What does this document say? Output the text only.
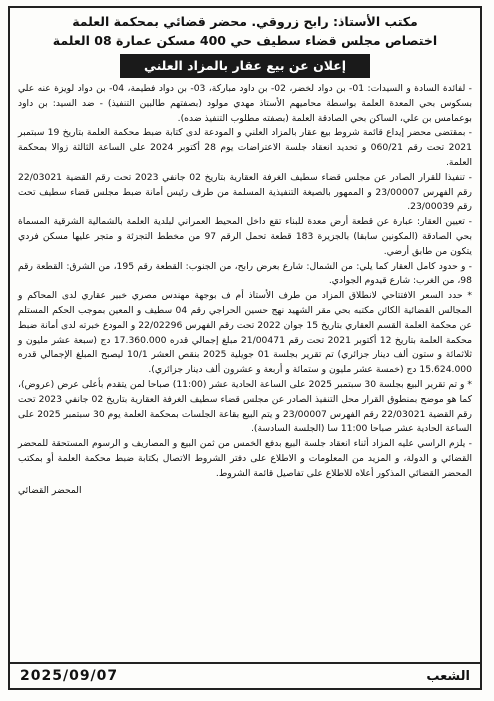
مكتب الأستاذ: رابح زروقي. محضر قضائي بمحكمة العلمة
اختصاص مجلس قضاء سطيف حي 400 مسكن عمارة 08 العلمة
إعلان عن بيع عقار بالمزاد العلني

- لفائدة السادة و السيدات: 01- بن دواد لخضر، 02- بن داود مباركة، 03- بن دواد فطيمة، 04- بن دواد لويزة عنه علي بسكوس بحي المعدة العلمة بواسطة محاميهم الأستاذ مهدي مولود (بصفتهم طالبين التنفيذ) - ضد السيد: بن داود بوعمامس بن علي، الساكن بحي الصادقة العلمة (بصفته مطلوب التنفيذ ضده).

- بمقتضى محضر إيداع قائمة شروط بيع عقار بالمزاد العلني و المودعة لدى كتابة ضبط محكمة العلمة بتاريخ 19 سبتمبر 2021 تحت رقم 060/21 و تحديد انعقاد جلسة الاعتراضات يوم 28 أكتوبر 2024 على الساعة الثالثة زوالا بمحكمة العلمة.

- تنفيذا للقرار الصادر عن مجلس قضاء سطيف الغرفة العقارية بتاريخ 02 جانفي 2023 تحت رقم القضية 22/03021 رقم الفهرس 23/00007 و الممهور بالصيغة التنفيذية المسلمة من طرف رئيس أمانة ضبط مجلس قضاء سطيف تحت رقم 23/00039.

- تعيين العقار: عبارة عن قطعة أرض معدة للبناء تقع داخل المحيط العمراني لبلدية العلمة بالشمالية الشرقية المسماة بحي الصادقة (المكونين سابقا) بالجزيرة 183 قطعة تحمل الرقم 97 من مخطط التجزئة و متجر عليها مسكن فردي يتكون من طابق أرضي.

- و حدود كامل العقار كما يلي: من الشمال: شارع بعرض رابح، من الجنوب: القطعة رقم 195، من الشرق: القطعة رقم 98، من الغرب: شارع قيدوم الجوادي.

* حدد السعر الافتتاحي لانطلاق المزاد من طرف الأستاذ أم ف بوجهة مهندس مصري خبير عقاري لدى المحاكم و المجالس القضائية الكائن مكتبه بحي مقر الشهيد نهج حسين الحراجي رقم 04 سطيف و المعين بموجب الحكم المستلم عن محكمة العلمة القسم العقاري بتاريخ 15 جوان 2022 تحت رقم الفهرس 22/02296 و المودع خبرته لدى أمانة ضبط محكمة العلمة بتاريخ 12 أكتوبر 2021 تحت رقم 21/00471 مبلغ إجمالي قدره 17.360.000 دج (سبعة عشر مليون و ثلاثمائة و ستون ألف دينار جزائري) تم تقرير بجلسة 01 جويلية 2025 بنقص العشر 10/1 ليصبح المبلغ الإجمالي قدره 15.624.000 دج (خمسة عشر مليون و ستمائة و أربعة و عشرون ألف دينار جزائري).

* و تم تقرير البيع بجلسة 30 سبتمبر 2025 على الساعة الحادية عشر (11:00) صباحا لمن يتقدم بأعلى عرض (عروض)، كما هو موضح بمنطوق القرار محل التنفيذ الصادر عن مجلس قضاء سطيف الغرفة العقارية بتاريخ 02 جانفي 2023 تحت رقم القضية 22/03021 رقم الفهرس 23/00007 و يتم البيع بقاعة الجلسات بمحكمة العلمة يوم 30 سبتمبر 2025 على الساعة الحادية عشر صباحا 11:00 سا (الجلسة السادسة).

- يلزم الراسي عليه المزاد أثناء انعقاد جلسة البيع بدفع الخمس من ثمن البيع و المصاريف و الرسوم المستحقة للمحضر القضائي و الدولة، و المزيد من المعلومات و الاطلاع على دفتر الشروط الاتصال بكتابة ضبط محكمة العلمة أو بمكتب المحضر القضائي المذكور أعلاه للاطلاع على تفاصيل قائمة الشروط.

المحضر القضائي
الشعب
2025/09/07
